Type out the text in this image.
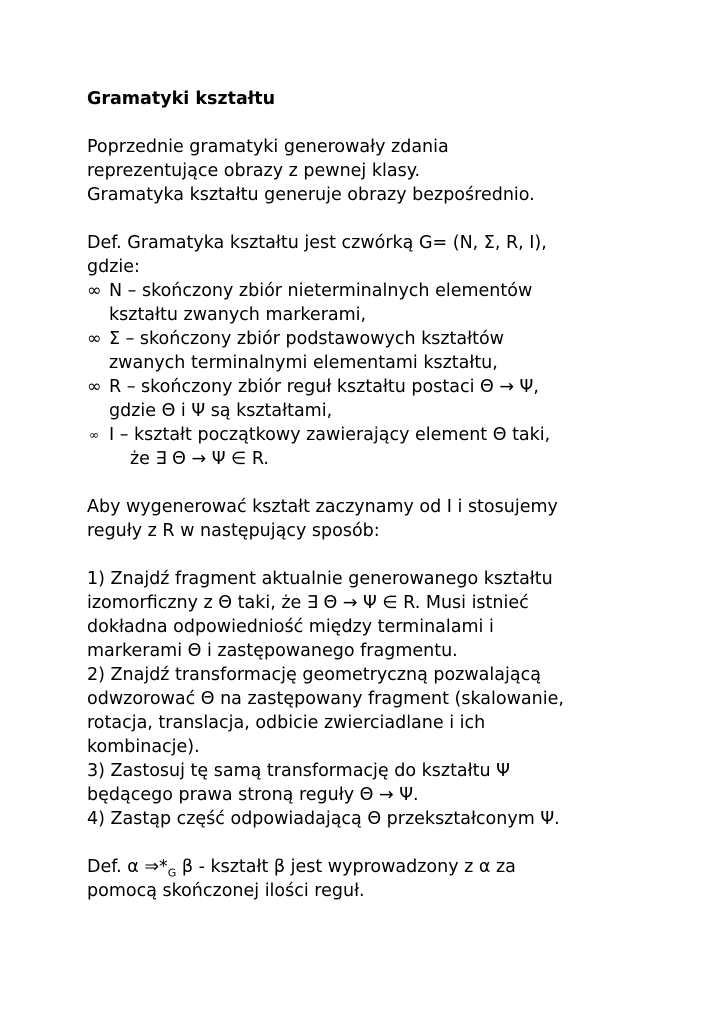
Gramatyki kształtu
Poprzednie gramatyki generowały zdania
reprezentujące obrazy z pewnej klasy.
Gramatyka kształtu generuje obrazy bezpośrednio.
Def. Gramatyka kształtu jest czwórką G= (N, Σ, R, I),
gdzie:
∞ N – skończony zbiór nieterminalnych elementów
kształtu zwanych markerami,
∞ Σ – skończony zbiór podstawowych kształtów
zwanych terminalnymi elementami kształtu,
∞ R – skończony zbiór reguł kształtu postaci Θ → Ψ,
gdzie Θ i Ψ są kształtami,
∞ I – kształt początkowy zawierający element Θ taki,
że ∃ Θ → Ψ ∈ R.
Aby wygenerować kształt zaczynamy od I i stosujemy
reguły z R w następujący sposób:
1) Znajdź fragment aktualnie generowanego kształtu
izomorficzny z Θ taki, że ∃ Θ → Ψ ∈ R. Musi istnieć
dokładna odpowiedniość między terminalami i
markerami Θ i zastępowanego fragmentu.
2) Znajdź transformację geometryczną pozwalającą
odwzorować Θ na zastępowany fragment (skalowanie,
rotacja, translacja, odbicie zwierciadlane i ich
kombinacje).
3) Zastosuj tę samą transformację do kształtu Ψ
będącego prawa stroną reguły Θ → Ψ.
4) Zastąp część odpowiadającą Θ przekształconym Ψ.
Def. α $\Rightarrow*_G$ β - kształt β jest wyprowadzony z α za
pomocą skończonej ilości reguł.
